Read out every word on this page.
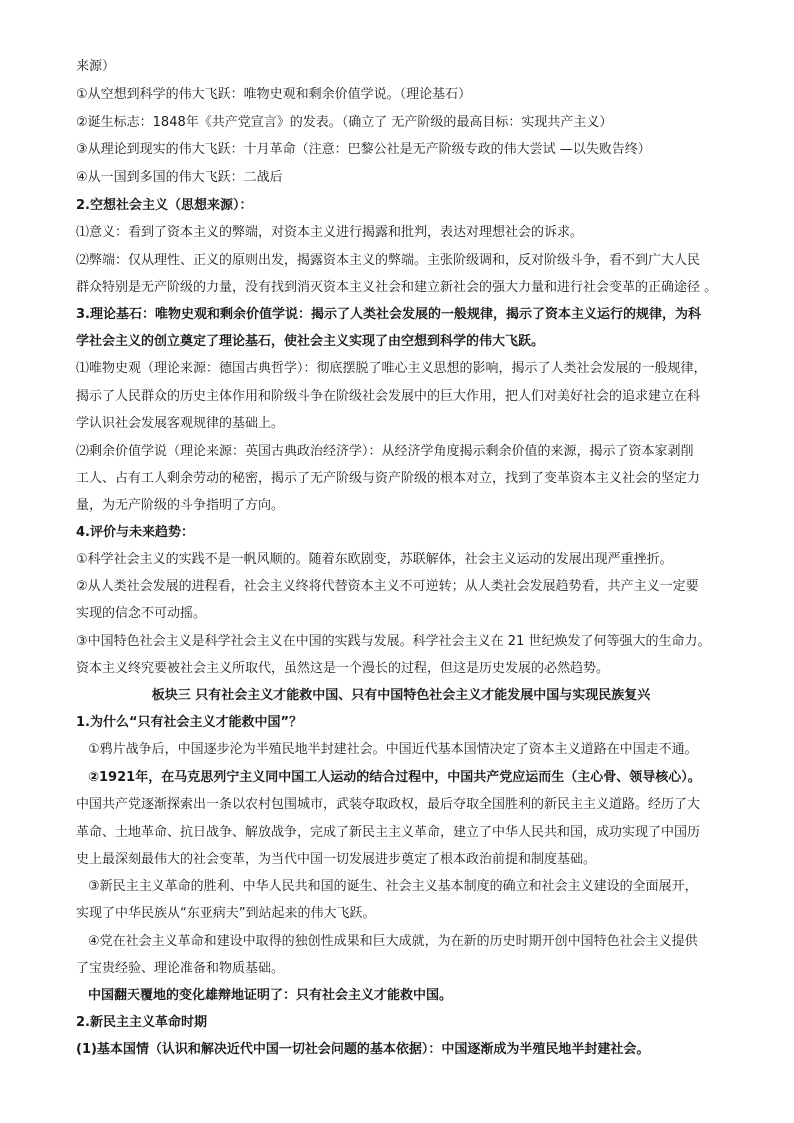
来源）
①从空想到科学的伟大飞跃：唯物史观和剩余价值学说。（理论基石）
②诞生标志：1848年《共产党宣言》的发表。（确立了 无产阶级的最高目标：实现共产主义）
③从理论到现实的伟大飞跃：十月革命（注意：巴黎公社是无产阶级专政的伟大尝试 —以失败告终）
④从一国到多国的伟大飞跃：二战后
2.空想社会主义（思想来源）：
⑴意义：看到了资本主义的弊端，对资本主义进行揭露和批判，表达对理想社会的诉求。
⑵弊端：仅从理性、正义的原则出发，揭露资本主义的弊端。主张阶级调和，反对阶级斗争，看不到广大人民
群众特别是无产阶级的力量，没有找到消灭资本主义社会和建立新社会的强大力量和进行社会变革的正确途径 。
3.理论基石：唯物史观和剩余价值学说：揭示了人类社会发展的一般规律，揭示了资本主义运行的规律，为科
学社会主义的创立奠定了理论基石，使社会主义实现了由空想到科学的伟大飞跃。
⑴唯物史观（理论来源：德国古典哲学）：彻底摆脱了唯心主义思想的影响，揭示了人类社会发展的一般规律，
揭示了人民群众的历史主体作用和阶级斗争在阶级社会发展中的巨大作用，把人们对美好社会的追求建立在科
学认识社会发展客观规律的基础上。
⑵剩余价值学说（理论来源：英国古典政治经济学）：从经济学角度揭示剩余价值的来源，揭示了资本家剥削
工人、占有工人剩余劳动的秘密，揭示了无产阶级与资产阶级的根本对立，找到了变革资本主义社会的坚定力
量，为无产阶级的斗争指明了方向。
4.评价与未来趋势：
①科学社会主义的实践不是一帆风顺的。随着东欧剧变，苏联解体，社会主义运动的发展出现严重挫折。
②从人类社会发展的进程看，社会主义终将代替资本主义不可逆转；从人类社会发展趋势看，共产主义一定要
实现的信念不可动摇。
③中国特色社会主义是科学社会主义在中国的实践与发展。科学社会主义在 21 世纪焕发了何等强大的生命力。
资本主义终究要被社会主义所取代，虽然这是一个漫长的过程，但这是历史发展的必然趋势。
板块三 只有社会主义才能救中国、只有中国特色社会主义才能发展中国与实现民族复兴
1.为什么“只有社会主义才能救中国”？
①鸦片战争后，中国逐步沦为半殖民地半封建社会。中国近代基本国情决定了资本主义道路在中国走不通。
②1921年，在马克思列宁主义同中国工人运动的结合过程中，中国共产党应运而生（主心骨、领导核心）。
中国共产党逐渐探索出一条以农村包围城市，武装夺取政权，最后夺取全国胜利的新民主主义道路。经历了大
革命、土地革命、抗日战争、解放战争，完成了新民主主义革命，建立了中华人民共和国，成功实现了中国历
史上最深刻最伟大的社会变革，为当代中国一切发展进步奠定了根本政治前提和制度基础。
③新民主主义革命的胜利、中华人民共和国的诞生、社会主义基本制度的确立和社会主义建设的全面展开，
实现了中华民族从“东亚病夫”到站起来的伟大飞跃。
④党在社会主义革命和建设中取得的独创性成果和巨大成就，为在新的历史时期开创中国特色社会主义提供
了宝贵经验、理论准备和物质基础。
中国翻天覆地的变化雄辩地证明了：只有社会主义才能救中国。
2.新民主主义革命时期
(1)基本国情（认识和解决近代中国一切社会问题的基本依据）：中国逐渐成为半殖民地半封建社会。
